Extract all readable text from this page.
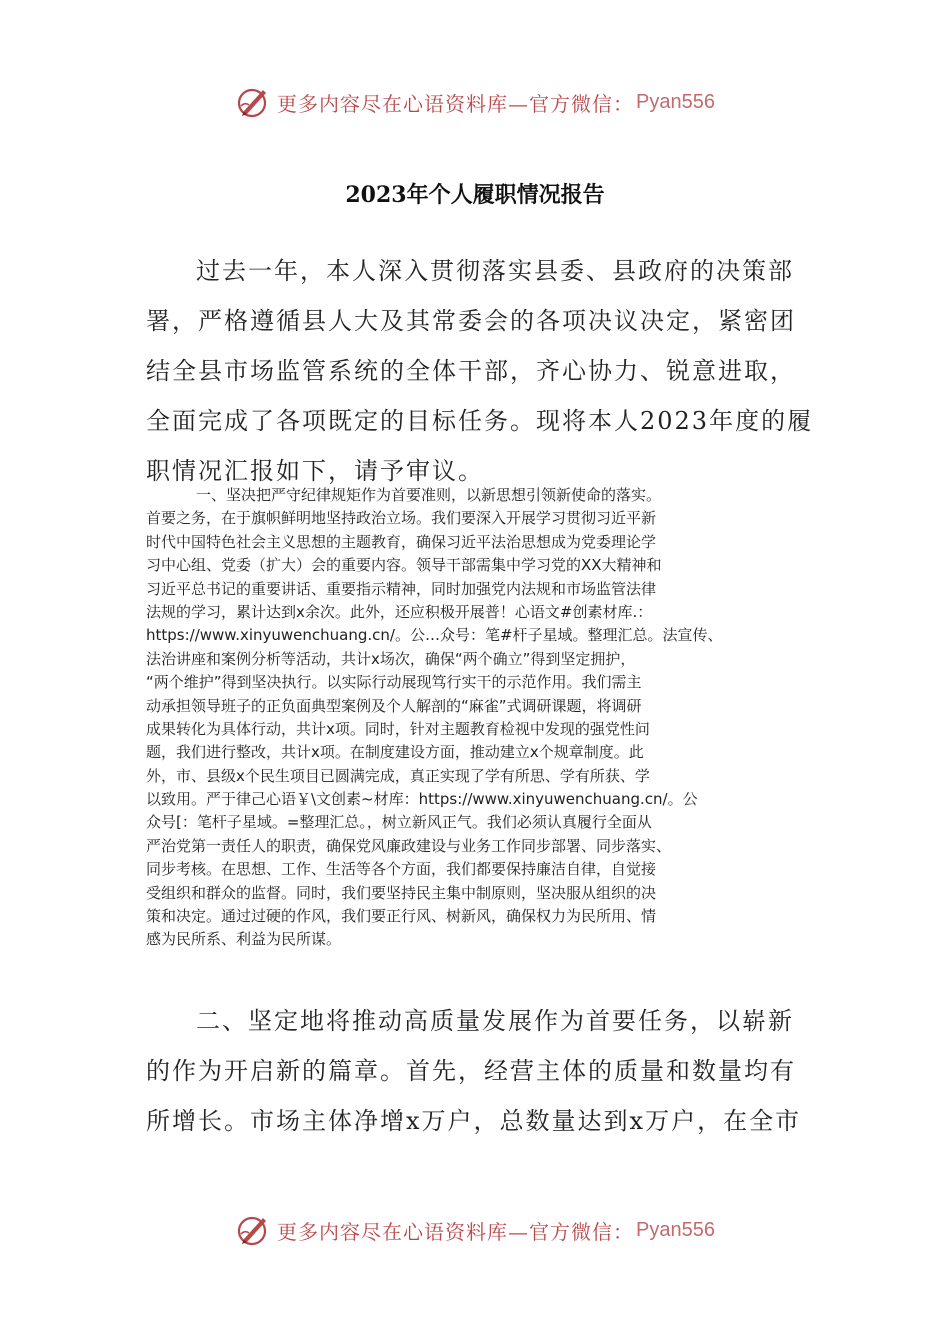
更多内容尽在心语资料库—官方微信： Pyan556
2023年个人履职情况报告
过去一年，本人深入贯彻落实县委、县政府的决策部
署，严格遵循县人大及其常委会的各项决议决定，紧密团
结全县市场监管系统的全体干部，齐心协力、锐意进取，
全面完成了各项既定的目标任务。现将本人2023年度的履
职情况汇报如下，请予审议。
一、坚决把严守纪律规矩作为首要准则，以新思想引领新使命的落实。
首要之务，在于旗帜鲜明地坚持政治立场。我们要深入开展学习贯彻习近平新
时代中国特色社会主义思想的主题教育，确保习近平法治思想成为党委理论学
习中心组、党委（扩大）会的重要内容。领导干部需集中学习党的XX大精神和
习近平总书记的重要讲话、重要指示精神，同时加强党内法规和市场监管法律
法规的学习，累计达到x余次。此外，还应积极开展普！心语文#创素材库.：
https://www.xinyuwenchuang.cn/。公…众号：笔#杆子星域。整理汇总。法宣传、
法治讲座和案例分析等活动，共计x场次，确保“两个确立”得到坚定拥护，
“两个维护”得到坚决执行。以实际行动展现笃行实干的示范作用。我们需主
动承担领导班子的正负面典型案例及个人解剖的“麻雀”式调研课题，将调研
成果转化为具体行动，共计x项。同时，针对主题教育检视中发现的强党性问
题，我们进行整改，共计x项。在制度建设方面，推动建立x个规章制度。此
外，市、县级x个民生项目已圆满完成，真正实现了学有所思、学有所获、学
以致用。严于律己心语￥\文创素~材库：https://www.xinyuwenchuang.cn/。公
众号[：笔杆子星域。=整理汇总。，树立新风正气。我们必须认真履行全面从
严治党第一责任人的职责，确保党风廉政建设与业务工作同步部署、同步落实、
同步考核。在思想、工作、生活等各个方面，我们都要保持廉洁自律，自觉接
受组织和群众的监督。同时，我们要坚持民主集中制原则，坚决服从组织的决
策和决定。通过过硬的作风，我们要正行风、树新风，确保权力为民所用、情
感为民所系、利益为民所谋。
二、坚定地将推动高质量发展作为首要任务，以崭新
的作为开启新的篇章。首先，经营主体的质量和数量均有
所增长。市场主体净增x万户，总数量达到x万户，在全市
更多内容尽在心语资料库—官方微信： Pyan556
